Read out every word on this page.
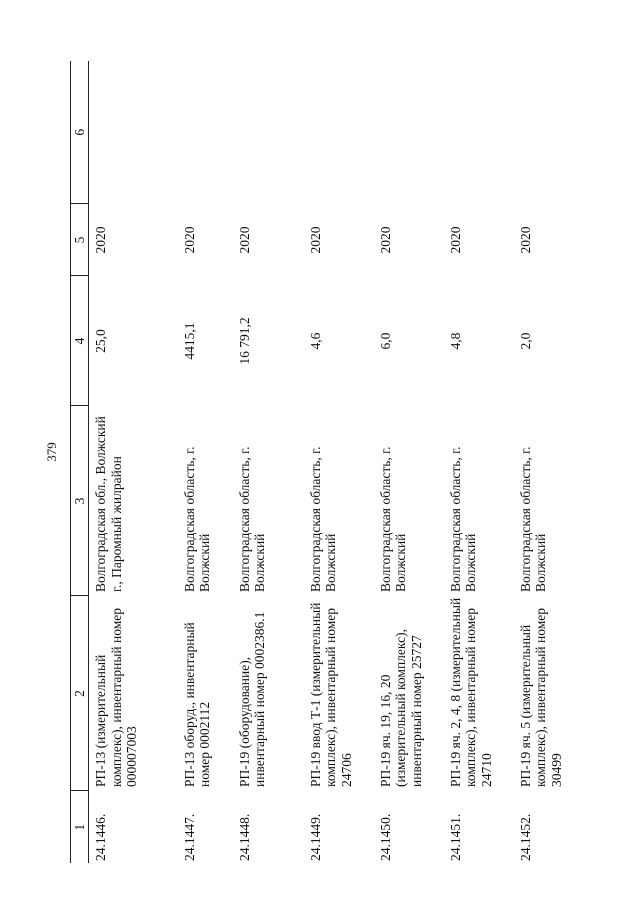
379
1	2	3	4	5	6
24.1446.	РП-13 (измерительный комплекс), инвентарный номер 000007003	Волгоградская обл., Волжский г., Паромный жилрайон	25,0	2020	
24.1447.	РП-13 оборуд., инвентарный номер 0002112	Волгоградская область, г. Волжский	4415,1	2020	
24.1448.	РП-19 (оборудование), инвентарный номер 0002386.1	Волгоградская область, г. Волжский	16 791,2	2020	
24.1449.	РП-19 ввод Т-1 (измерительный комплекс), инвентарный номер 24706	Волгоградская область, г. Волжский	4,6	2020	
24.1450.	РП-19 яч. 19, 16, 20 (измерительный комплекс), инвентарный номер 25727	Волгоградская область, г. Волжский	6,0	2020	
24.1451.	РП-19 яч. 2, 4, 8 (измерительный комплекс), инвентарный номер 24710	Волгоградская область, г. Волжский	4,8	2020	
24.1452.	РП-19 яч. 5 (измерительный комплекс), инвентарный номер 30499	Волгоградская область, г. Волжский	2,0	2020	
